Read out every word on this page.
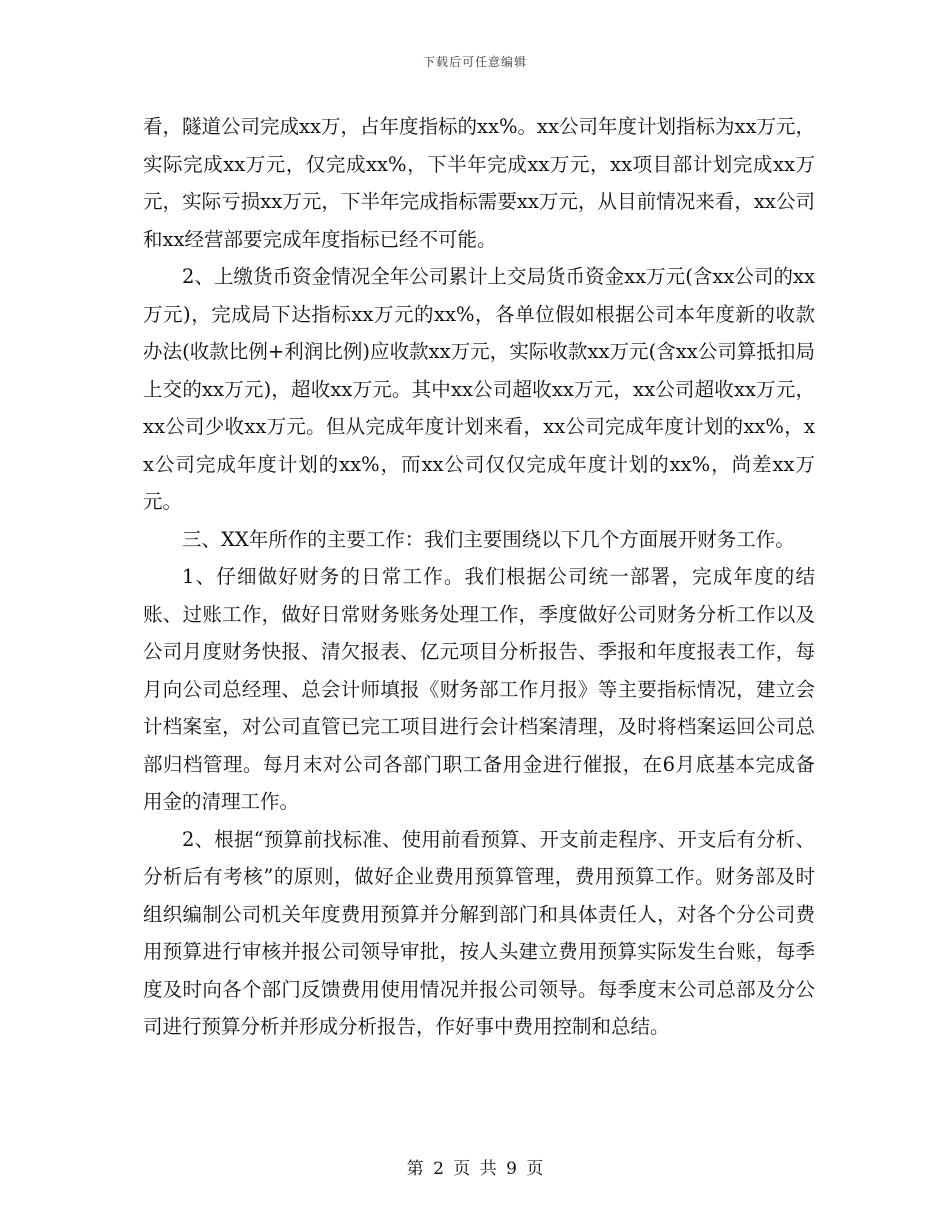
下载后可任意编辑

看，隧道公司完成xx万，占年度指标的xx%。xx公司年度计划指标为xx万元，实际完成xx万元，仅完成xx%，下半年完成xx万元，xx项目部计划完成xx万元，实际亏损xx万元，下半年完成指标需要xx万元，从目前情况来看，xx公司和xx经营部要完成年度指标已经不可能。

2、上缴货币资金情况全年公司累计上交局货币资金xx万元(含xx公司的xx万元)，完成局下达指标xx万元的xx%，各单位假如根据公司本年度新的收款办法(收款比例+利润比例)应收款xx万元，实际收款xx万元(含xx公司算抵扣局上交的xx万元)，超收xx万元。其中xx公司超收xx万元，xx公司超收xx万元，xx公司少收xx万元。但从完成年度计划来看，xx公司完成年度计划的xx%，xx公司完成年度计划的xx%，而xx公司仅仅完成年度计划的xx%，尚差xx万元。

三、XX年所作的主要工作：我们主要围绕以下几个方面展开财务工作。

1、仔细做好财务的日常工作。我们根据公司统一部署，完成年度的结账、过账工作，做好日常财务账务处理工作，季度做好公司财务分析工作以及公司月度财务快报、清欠报表、亿元项目分析报告、季报和年度报表工作，每月向公司总经理、总会计师填报《财务部工作月报》等主要指标情况，建立会计档案室，对公司直管已完工项目进行会计档案清理，及时将档案运回公司总部归档管理。每月末对公司各部门职工备用金进行催报，在6月底基本完成备用金的清理工作。

2、根据“预算前找标准、使用前看预算、开支前走程序、开支后有分析、分析后有考核”的原则，做好企业费用预算管理，费用预算工作。财务部及时组织编制公司机关年度费用预算并分解到部门和具体责任人，对各个分公司费用预算进行审核并报公司领导审批，按人头建立费用预算实际发生台账，每季度及时向各个部门反馈费用使用情况并报公司领导。每季度末公司总部及分公司进行预算分析并形成分析报告，作好事中费用控制和总结。

第 2 页 共 9 页
